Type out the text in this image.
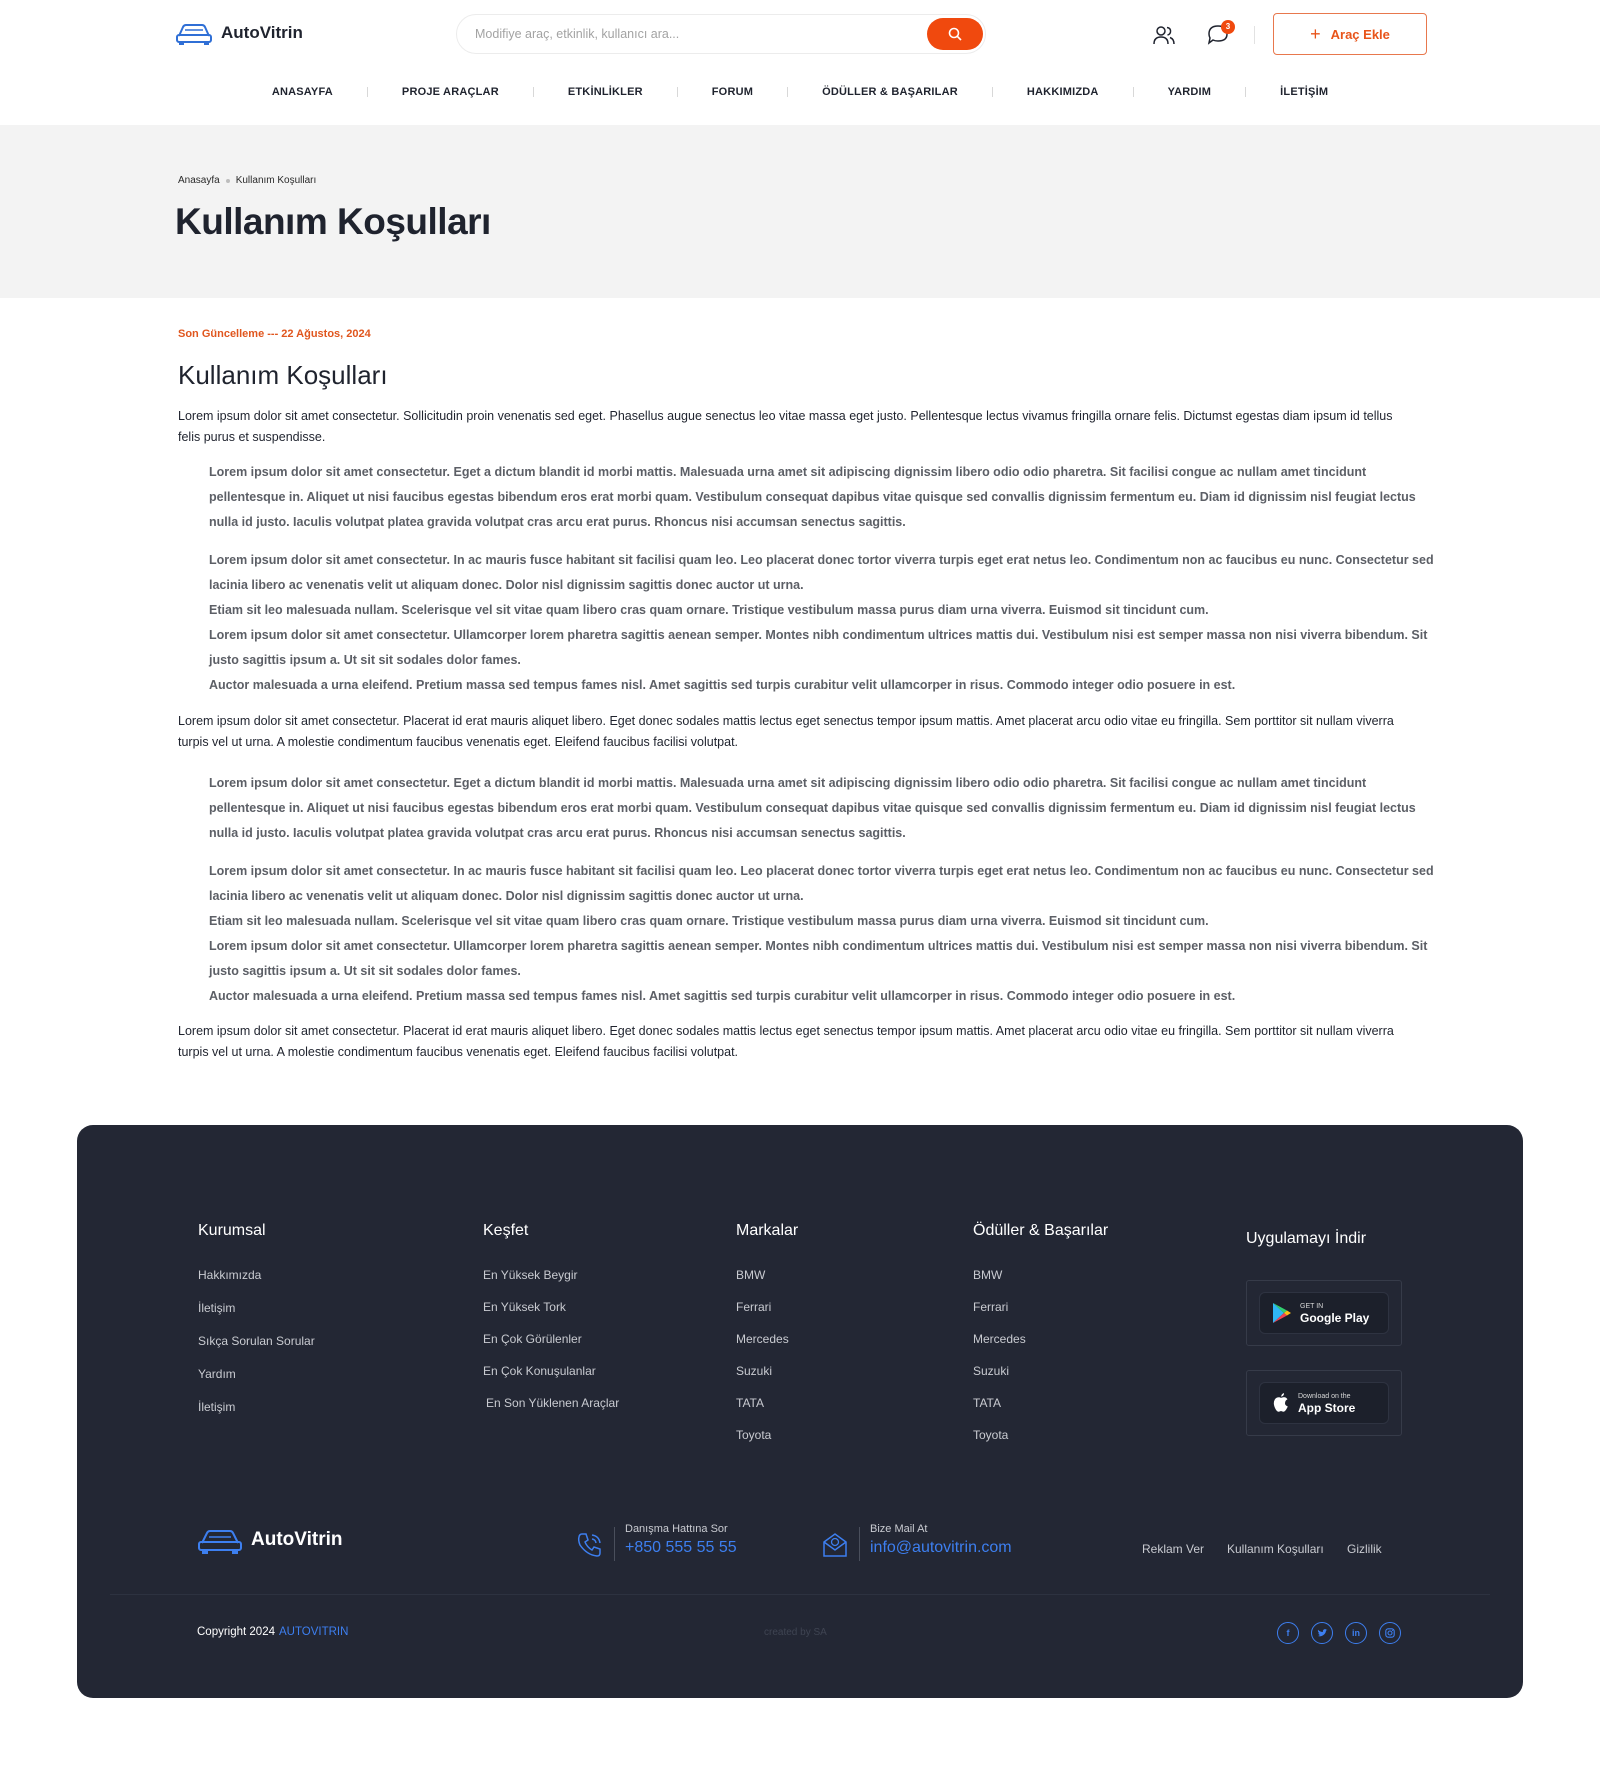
AutoVitrin
Modifiye araç, etkinlik, kullanıcı ara...	3	+ Araç Ekle
ANASAYFA	PROJE ARAÇLAR	ETKİNLİKLER	FORUM	ÖDÜLLER & BAŞARILAR	HAKKIMIZDA	YARDIM	İLETİŞİM
Anasayfa Kullanım Koşulları
Kullanım Koşulları
Son Güncelleme --- 22 Ağustos, 2024
Kullanım Koşulları

Lorem ipsum dolor sit amet consectetur. Sollicitudin proin venenatis sed eget. Phasellus augue senectus leo vitae massa eget justo. Pellentesque lectus vivamus fringilla ornare felis. Dictumst egestas diam ipsum id tellus felis purus et suspendisse.

Lorem ipsum dolor sit amet consectetur. Eget a dictum blandit id morbi mattis. Malesuada urna amet sit adipiscing dignissim libero odio odio pharetra. Sit facilisi congue ac nullam amet tincidunt pellentesque in. Aliquet ut nisi faucibus egestas bibendum eros erat morbi quam. Vestibulum consequat dapibus vitae quisque sed convallis dignissim fermentum eu. Diam id dignissim nisl feugiat lectus nulla id justo. Iaculis volutpat platea gravida volutpat cras arcu erat purus. Rhoncus nisi accumsan senectus sagittis.

Lorem ipsum dolor sit amet consectetur. In ac mauris fusce habitant sit facilisi quam leo. Leo placerat donec tortor viverra turpis eget erat netus leo. Condimentum non ac faucibus eu nunc. Consectetur sed lacinia libero ac venenatis velit ut aliquam donec. Dolor nisl dignissim sagittis donec auctor ut urna.

Etiam sit leo malesuada nullam. Scelerisque vel sit vitae quam libero cras quam ornare. Tristique vestibulum massa purus diam urna viverra. Euismod sit tincidunt cum.

Lorem ipsum dolor sit amet consectetur. Ullamcorper lorem pharetra sagittis aenean semper. Montes nibh condimentum ultrices mattis dui. Vestibulum nisi est semper massa non nisi viverra bibendum. Sit justo sagittis ipsum a. Ut sit sit sodales dolor fames.

Auctor malesuada a urna eleifend. Pretium massa sed tempus fames nisl. Amet sagittis sed turpis curabitur velit ullamcorper in risus. Commodo integer odio posuere in est.

Lorem ipsum dolor sit amet consectetur. Placerat id erat mauris aliquet libero. Eget donec sodales mattis lectus eget senectus tempor ipsum mattis. Amet placerat arcu odio vitae eu fringilla. Sem porttitor sit nullam viverra turpis vel ut urna. A molestie condimentum faucibus venenatis eget. Eleifend faucibus facilisi volutpat.

Lorem ipsum dolor sit amet consectetur. Eget a dictum blandit id morbi mattis. Malesuada urna amet sit adipiscing dignissim libero odio odio pharetra. Sit facilisi congue ac nullam amet tincidunt pellentesque in. Aliquet ut nisi faucibus egestas bibendum eros erat morbi quam. Vestibulum consequat dapibus vitae quisque sed convallis dignissim fermentum eu. Diam id dignissim nisl feugiat lectus nulla id justo. Iaculis volutpat platea gravida volutpat cras arcu erat purus. Rhoncus nisi accumsan senectus sagittis.

Lorem ipsum dolor sit amet consectetur. In ac mauris fusce habitant sit facilisi quam leo. Leo placerat donec tortor viverra turpis eget erat netus leo. Condimentum non ac faucibus eu nunc. Consectetur sed lacinia libero ac venenatis velit ut aliquam donec. Dolor nisl dignissim sagittis donec auctor ut urna.

Etiam sit leo malesuada nullam. Scelerisque vel sit vitae quam libero cras quam ornare. Tristique vestibulum massa purus diam urna viverra. Euismod sit tincidunt cum.

Lorem ipsum dolor sit amet consectetur. Ullamcorper lorem pharetra sagittis aenean semper. Montes nibh condimentum ultrices mattis dui. Vestibulum nisi est semper massa non nisi viverra bibendum. Sit justo sagittis ipsum a. Ut sit sit sodales dolor fames.

Auctor malesuada a urna eleifend. Pretium massa sed tempus fames nisl. Amet sagittis sed turpis curabitur velit ullamcorper in risus. Commodo integer odio posuere in est.

Lorem ipsum dolor sit amet consectetur. Placerat id erat mauris aliquet libero. Eget donec sodales mattis lectus eget senectus tempor ipsum mattis. Amet placerat arcu odio vitae eu fringilla. Sem porttitor sit nullam viverra turpis vel ut urna. A molestie condimentum faucibus venenatis eget. Eleifend faucibus facilisi volutpat.

Kurumsal
Hakkımızda
İletişim
Sıkça Sorulan Sorular
Yardım
İletişim
Keşfet
En Yüksek Beygir
En Yüksek Tork
En Çok Görülenler
En Çok Konuşulanlar
En Son Yüklenen Araçlar
Markalar
BMW
Ferrari
Mercedes
Suzuki
TATA
Toyota
Ödüller & Başarılar
BMW
Ferrari
Mercedes
Suzuki
TATA
Toyota
Uygulamayı İndir
GET IN
Google Play
Download on the
App Store
AutoVitrin	Danışma Hattına Sor
+850 555 55 55
Bize Mail At
info@autovitrin.com	Reklam Ver Kullanım Koşulları Gizlilik
Copyright 2024 AUTOVITRIN	created by SA	f	in
